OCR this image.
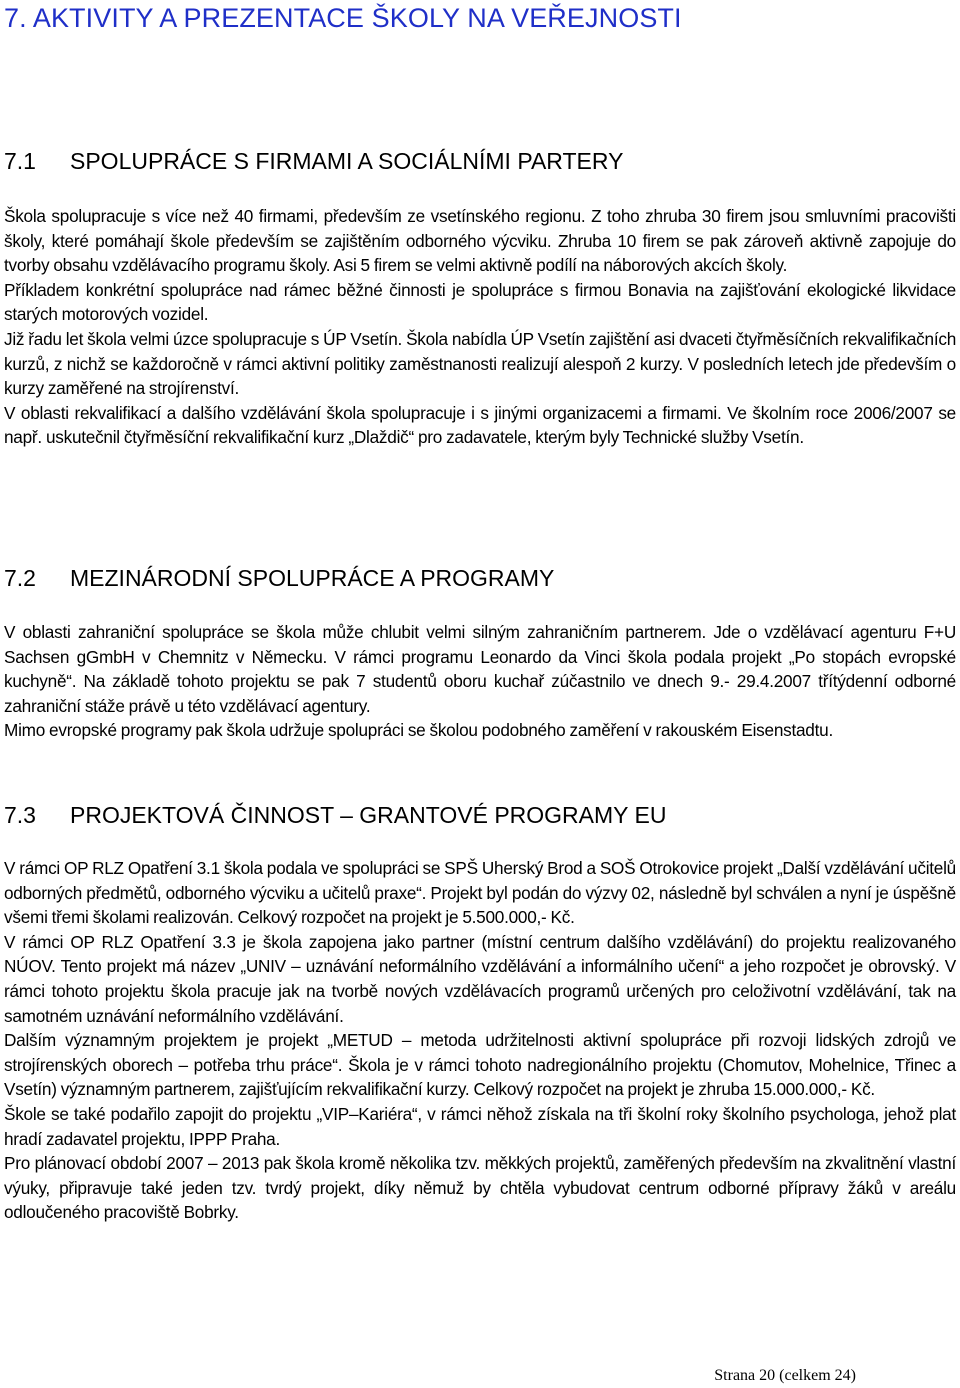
7. AKTIVITY A PREZENTACE ŠKOLY NA VEŘEJNOSTI
7.1 SPOLUPRÁCE S FIRMAMI A SOCIÁLNÍMI PARTERY

Škola spolupracuje s více než 40 firmami, především ze vsetínského regionu. Z toho zhruba 30 firem jsou smluvními pracovišti školy, které pomáhají škole především se zajištěním odborného výcviku. Zhruba 10 firem se pak zároveň aktivně zapojuje do tvorby obsahu vzdělávacího programu školy. Asi 5 firem se velmi aktivně podílí na náborových akcích školy.

Příkladem konkrétní spolupráce nad rámec běžné činnosti je spolupráce s firmou Bonavia na zajišťování ekologické likvidace starých motorových vozidel.

Již řadu let škola velmi úzce spolupracuje s ÚP Vsetín. Škola nabídla ÚP Vsetín zajištění asi dvaceti čtyřměsíčních rekvalifikačních kurzů, z nichž se každoročně v rámci aktivní politiky zaměstnanosti realizují alespoň 2 kurzy. V posledních letech jde především o kurzy zaměřené na strojírenství.

V oblasti rekvalifikací a dalšího vzdělávání škola spolupracuje i s jinými organizacemi a firmami. Ve školním roce 2006/2007 se např. uskutečnil čtyřměsíční rekvalifikační kurz „Dlaždič“ pro zadavatele, kterým byly Technické služby Vsetín.

7.2 MEZINÁRODNÍ SPOLUPRÁCE A PROGRAMY

V oblasti zahraniční spolupráce se škola může chlubit velmi silným zahraničním partnerem. Jde o vzdělávací agenturu F+U Sachsen gGmbH v Chemnitz v Německu. V rámci programu Leonardo da Vinci škola podala projekt „Po stopách evropské kuchyně“. Na základě tohoto projektu se pak 7 studentů oboru kuchař zúčastnilo ve dnech 9.- 29.4.2007 třítýdenní odborné zahraniční stáže právě u této vzdělávací agentury.

Mimo evropské programy pak škola udržuje spolupráci se školou podobného zaměření v rakouském Eisenstadtu.

7.3 PROJEKTOVÁ ČINNOST – GRANTOVÉ PROGRAMY EU

V rámci OP RLZ Opatření 3.1 škola podala ve spolupráci se SPŠ Uherský Brod a SOŠ Otrokovice projekt „Další vzdělávání učitelů odborných předmětů, odborného výcviku a učitelů praxe“. Projekt byl podán do výzvy 02, následně byl schválen a nyní je úspěšně všemi třemi školami realizován. Celkový rozpočet na projekt je 5.500.000,- Kč.

V rámci OP RLZ Opatření 3.3 je škola zapojena jako partner (místní centrum dalšího vzdělávání) do projektu realizovaného NÚOV. Tento projekt má název „UNIV – uznávání neformálního vzdělávání a informálního učení“ a jeho rozpočet je obrovský. V rámci tohoto projektu škola pracuje jak na tvorbě nových vzdělávacích programů určených pro celoživotní vzdělávání, tak na samotném uznávání neformálního vzdělávání.

Dalším významným projektem je projekt „METUD – metoda udržitelnosti aktivní spolupráce při rozvoji lidských zdrojů ve strojírenských oborech – potřeba trhu práce“. Škola je v rámci tohoto nadregionálního projektu (Chomutov, Mohelnice, Třinec a Vsetín) významným partnerem, zajišťujícím rekvalifikační kurzy. Celkový rozpočet na projekt je zhruba 15.000.000,- Kč.

Škole se také podařilo zapojit do projektu „VIP–Kariéra“, v rámci něhož získala na tři školní roky školního psychologa, jehož plat hradí zadavatel projektu, IPPP Praha.

Pro plánovací období 2007 – 2013 pak škola kromě několika tzv. měkkých projektů, zaměřených především na zkvalitnění vlastní výuky, připravuje také jeden tzv. tvrdý projekt, díky němuž by chtěla vybudovat centrum odborné přípravy žáků v areálu odloučeného pracoviště Bobrky.

Strana 20 (celkem 24)
